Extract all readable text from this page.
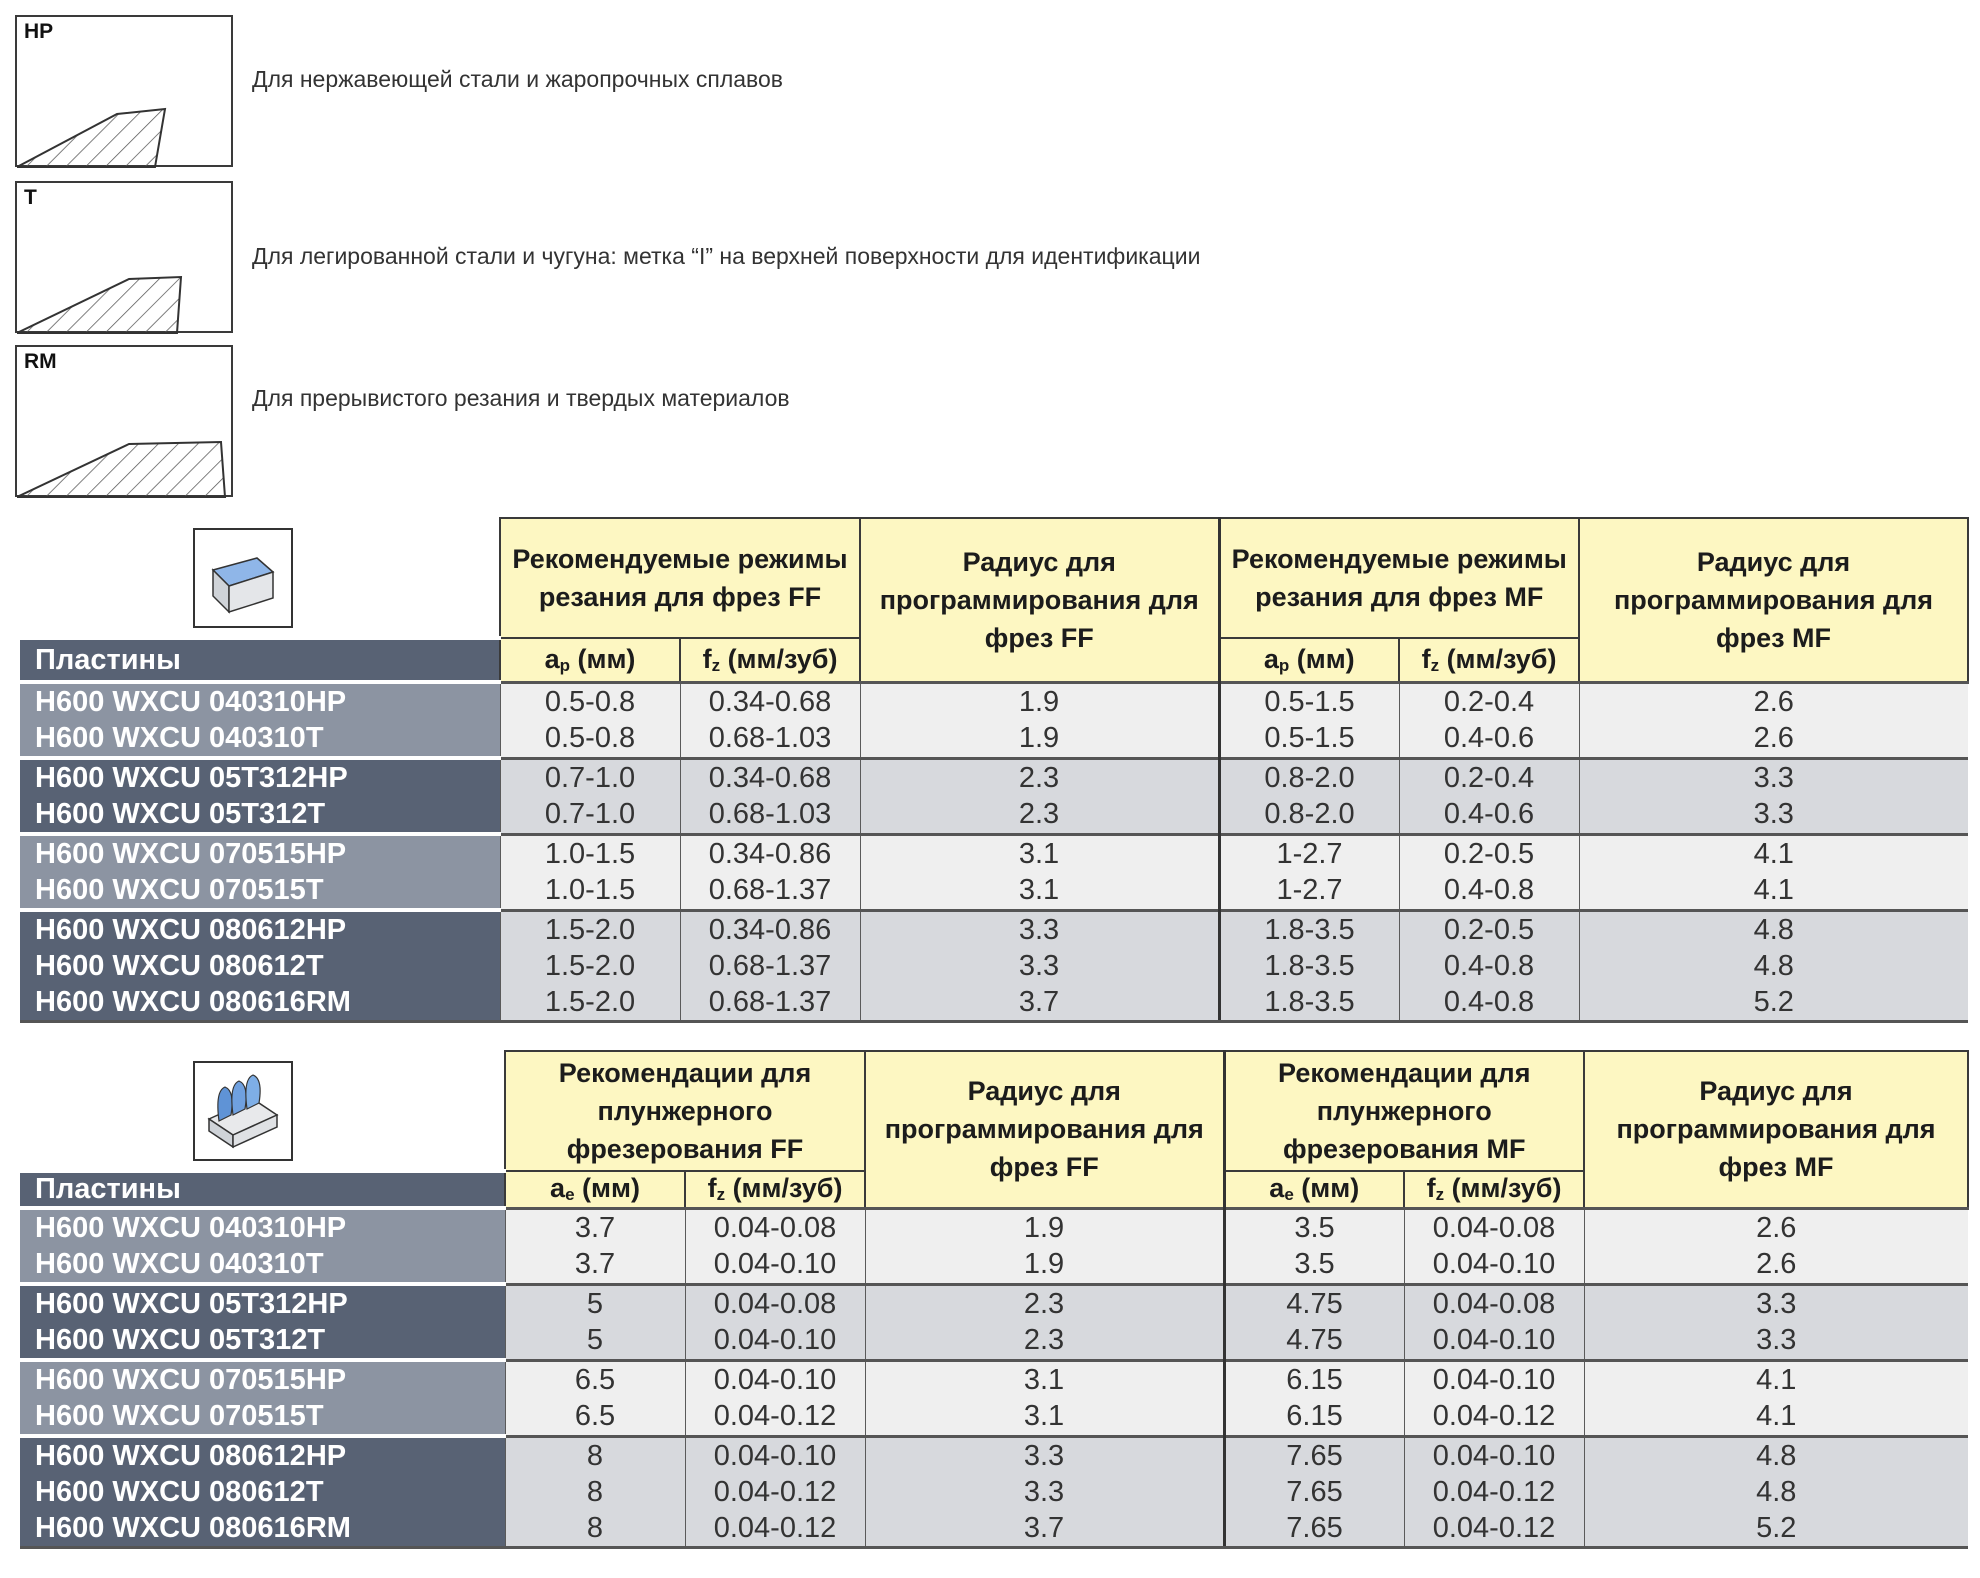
HP
Для нержавеющей стали и жаропрочных сплавов
T
Для легированной стали и чугуна: метка “I” на верхней поверхности для идентификации
RM
Для прерывистого резания и твердых материалов
	Рекомендуемые режимы резания для фрез FF		Радиус для программирования для фрез FF	Рекомендуемые режимы резания для фрез MF		Радиус для программирования для фрез MF
Пластины	$a_p$ (мм)	$f_z$ (мм/зуб)		$a_p$ (мм)	$f_z$ (мм/зуб)	
H600 WXCU 040310HP	0.5-0.8	0.34-0.68	1.9	0.5-1.5	0.2-0.4	2.6
H600 WXCU 040310T	0.5-0.8	0.68-1.03	1.9	0.5-1.5	0.4-0.6	2.6
H600 WXCU 05T312HP	0.7-1.0	0.34-0.68	2.3	0.8-2.0	0.2-0.4	3.3
H600 WXCU 05T312T	0.7-1.0	0.68-1.03	2.3	0.8-2.0	0.4-0.6	3.3
H600 WXCU 070515HP	1.0-1.5	0.34-0.86	3.1	1-2.7	0.2-0.5	4.1
H600 WXCU 070515T	1.0-1.5	0.68-1.37	3.1	1-2.7	0.4-0.8	4.1
H600 WXCU 080612HP	1.5-2.0	0.34-0.86	3.3	1.8-3.5	0.2-0.5	4.8
H600 WXCU 080612T	1.5-2.0	0.68-1.37	3.3	1.8-3.5	0.4-0.8	4.8
H600 WXCU 080616RM	1.5-2.0	0.68-1.37	3.7	1.8-3.5	0.4-0.8	5.2
	Рекомендации для плунжерного фрезерования FF		Радиус для программирования для фрез FF	Рекомендации для плунжерного фрезерования MF		Радиус для программирования для фрез MF
Пластины	$a_e$ (мм)	$f_z$ (мм/зуб)		$a_e$ (мм)	$f_z$ (мм/зуб)	
H600 WXCU 040310HP	3.7	0.04-0.08	1.9	3.5	0.04-0.08	2.6
H600 WXCU 040310T	3.7	0.04-0.10	1.9	3.5	0.04-0.10	2.6
H600 WXCU 05T312HP	5	0.04-0.08	2.3	4.75	0.04-0.08	3.3
H600 WXCU 05T312T	5	0.04-0.10	2.3	4.75	0.04-0.10	3.3
H600 WXCU 070515HP	6.5	0.04-0.10	3.1	6.15	0.04-0.10	4.1
H600 WXCU 070515T	6.5	0.04-0.12	3.1	6.15	0.04-0.12	4.1
H600 WXCU 080612HP	8	0.04-0.10	3.3	7.65	0.04-0.10	4.8
H600 WXCU 080612T	8	0.04-0.12	3.3	7.65	0.04-0.12	4.8
H600 WXCU 080616RM	8	0.04-0.12	3.7	7.65	0.04-0.12	5.2
